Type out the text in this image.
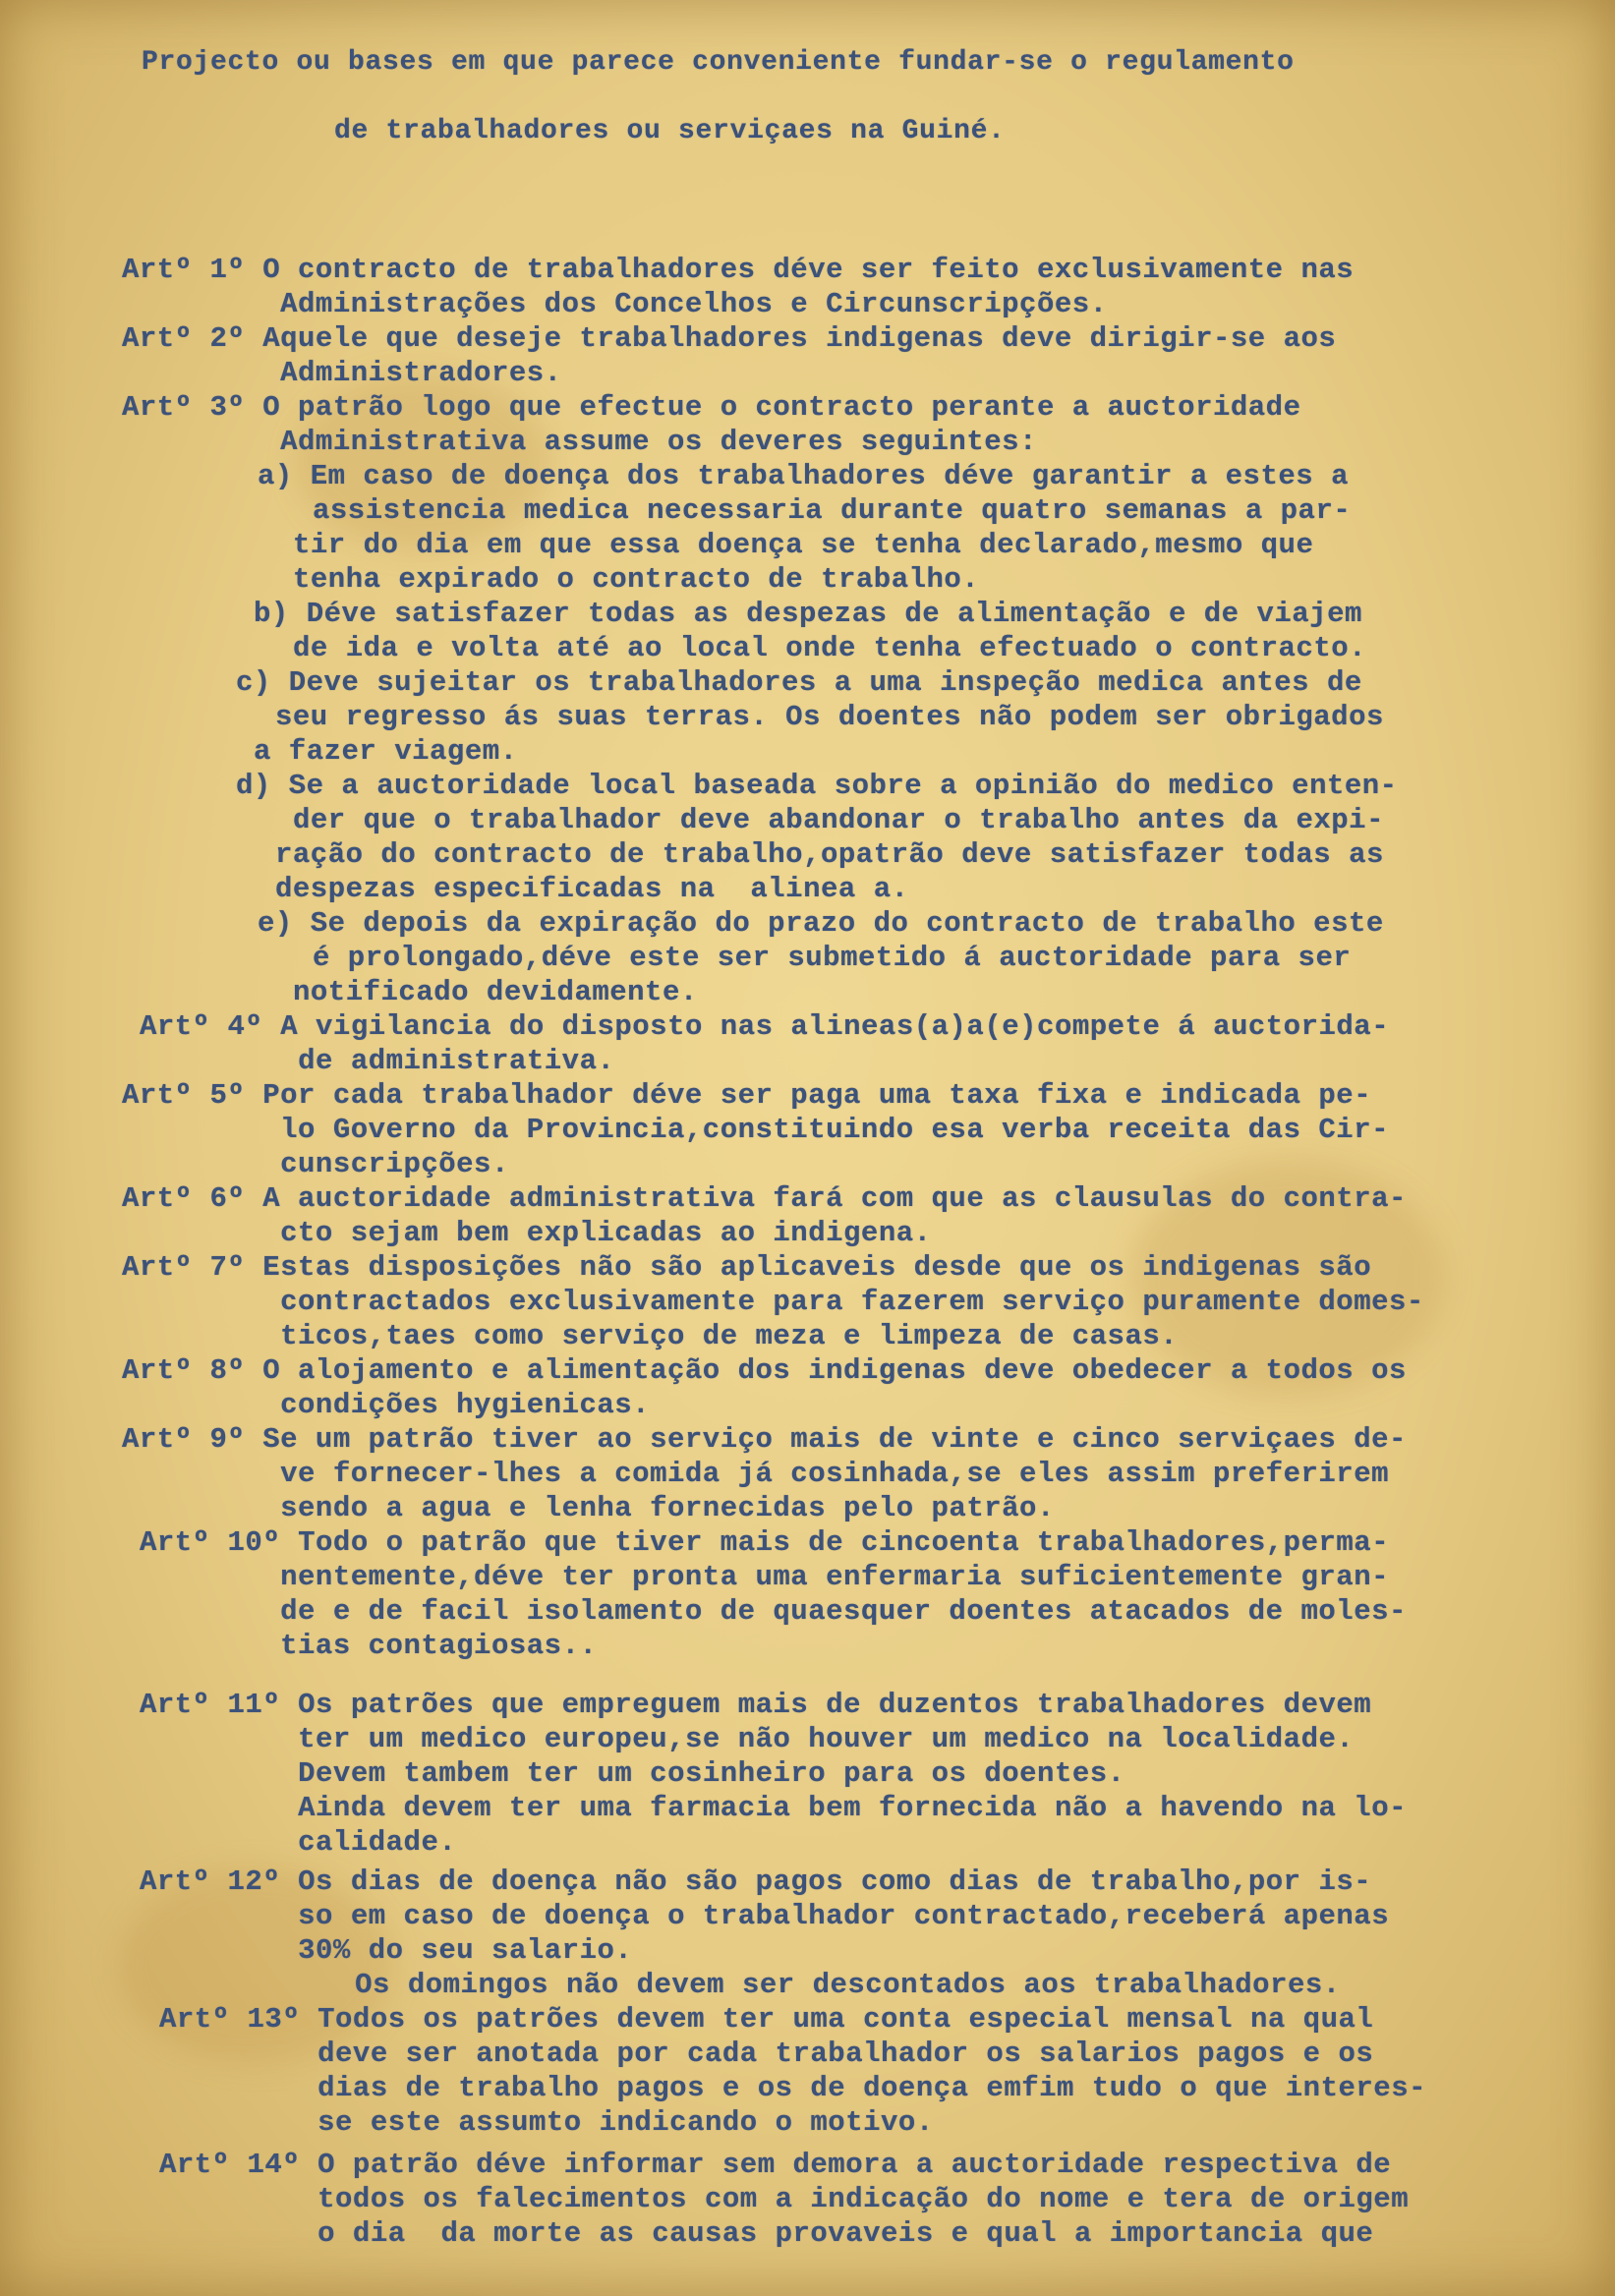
​
Projecto ou bases em que parece conveniente fundar-se o regulamento
de trabalhadores ou serviçaes na Guiné.
Artº 1º O contracto de trabalhadores déve ser feito exclusivamente nas
Administrações dos Concelhos e Circunscripções.
Artº 2º Aquele que deseje trabalhadores indigenas deve dirigir-se aos
Administradores.
Artº 3º O patrão logo que efectue o contracto perante a auctoridade
Administrativa assume os deveres seguintes:
a) Em caso de doença dos trabalhadores déve garantir a estes a
assistencia medica necessaria durante quatro semanas a par-
tir do dia em que essa doença se tenha declarado,mesmo que
tenha expirado o contracto de trabalho.
b) Déve satisfazer todas as despezas de alimentação e de viajem
de ida e volta até ao local onde tenha efectuado o contracto.
c) Deve sujeitar os trabalhadores a uma inspeção medica antes de
seu regresso ás suas terras. Os doentes não podem ser obrigados
a fazer viagem.
d) Se a auctoridade local baseada sobre a opinião do medico enten-
der que o trabalhador deve abandonar o trabalho antes da expi-
ração do contracto de trabalho,opatrão deve satisfazer todas as
despezas especificadas na  alinea a.
e) Se depois da expiração do prazo do contracto de trabalho este
é prolongado,déve este ser submetido á auctoridade para ser
notificado devidamente.
Artº 4º A vigilancia do disposto nas alineas(a)a(e)compete á auctorida-
de administrativa.
Artº 5º Por cada trabalhador déve ser paga uma taxa fixa e indicada pe-
lo Governo da Provincia,constituindo esa verba receita das Cir-
cunscripções.
Artº 6º A auctoridade administrativa fará com que as clausulas do contra-
cto sejam bem explicadas ao indigena.
Artº 7º Estas disposições não são aplicaveis desde que os indigenas são
contractados exclusivamente para fazerem serviço puramente domes-
ticos,taes como serviço de meza e limpeza de casas.
Artº 8º O alojamento e alimentação dos indigenas deve obedecer a todos os
condições hygienicas.
Artº 9º Se um patrão tiver ao serviço mais de vinte e cinco serviçaes de-
ve fornecer-lhes a comida já cosinhada,se eles assim preferirem
sendo a agua e lenha fornecidas pelo patrão.
Artº 10º Todo o patrão que tiver mais de cincoenta trabalhadores,perma-
nentemente,déve ter pronta uma enfermaria suficientemente gran-
de e de facil isolamento de quaesquer doentes atacados de moles-
tias contagiosas..
Artº 11º Os patrões que empreguem mais de duzentos trabalhadores devem
ter um medico europeu,se não houver um medico na localidade.
Devem tambem ter um cosinheiro para os doentes.
Ainda devem ter uma farmacia bem fornecida não a havendo na lo-
calidade.
Artº 12º Os dias de doença não são pagos como dias de trabalho,por is-
so em caso de doença o trabalhador contractado,receberá apenas
30% do seu salario.
Os domingos não devem ser descontados aos trabalhadores.
Artº 13º Todos os patrões devem ter uma conta especial mensal na qual
deve ser anotada por cada trabalhador os salarios pagos e os
dias de trabalho pagos e os de doença emfim tudo o que interes-
se este assumto indicando o motivo.
Artº 14º O patrão déve informar sem demora a auctoridade respectiva de
todos os falecimentos com a indicação do nome e tera de origem
o dia  da morte as causas provaveis e qual a importancia que
